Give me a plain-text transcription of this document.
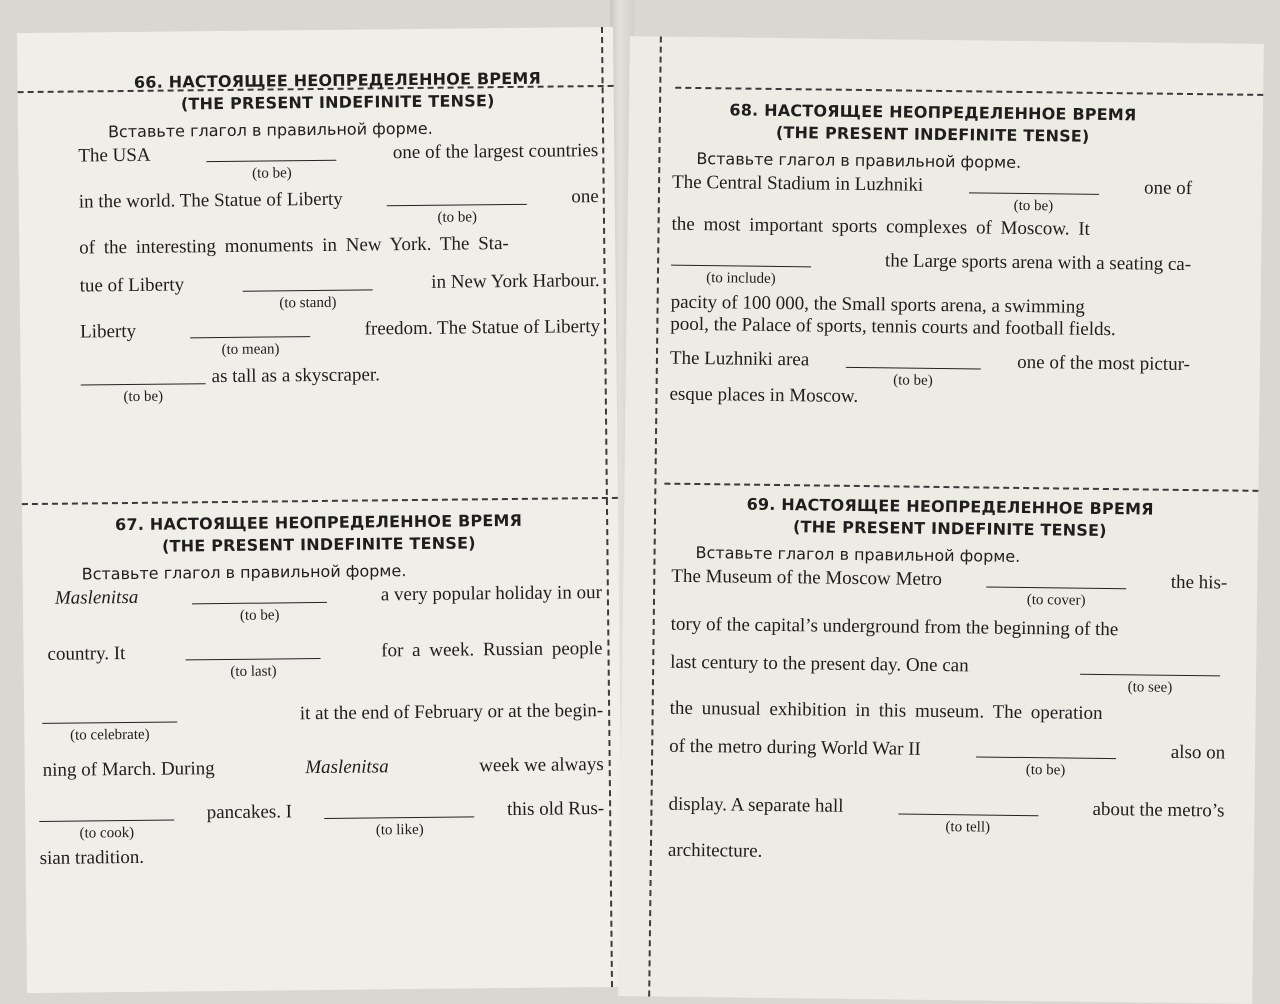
66. НАСТОЯЩЕЕ НЕОПРЕДЕЛЕННОЕ ВРЕМЯ
(THE PRESENT INDEFINITE TENSE)
Вставьте глагол в правильной форме.
The USA
(to be)
one of the largest countries
in the world. The Statue of Liberty
(to be)
one
of the interesting monuments in New York. The Sta-
tue of Liberty
(to stand)
in New York Harbour.
Liberty
(to mean)
freedom. The Statue of Liberty
(to be)
as tall as a skyscraper.
67. НАСТОЯЩЕЕ НЕОПРЕДЕЛЕННОЕ ВРЕМЯ
(THE PRESENT INDEFINITE TENSE)
Вставьте глагол в правильной форме.
Maslenitsa
(to be)
a very popular holiday in our
country. It
(to last)
for a week. Russian people
(to celebrate)
it at the end of February or at the begin-
ning of March. During	Maslenitsa	week we always
(to cook)
pancakes. I
(to like)
this old Rus-
sian tradition.
68. НАСТОЯЩЕЕ НЕОПРЕДЕЛЕННОЕ ВРЕМЯ
(THE PRESENT INDEFINITE TENSE)
Вставьте глагол в правильной форме.
The Central Stadium in Luzhniki
(to be)
one of
the most important sports complexes of Moscow. It
(to include)
the Large sports arena with a seating ca-
pacity of 100 000, the Small sports arena, a swimming
pool, the Palace of sports, tennis courts and football fields.
The Luzhniki area
(to be)
one of the most pictur-
esque places in Moscow.
69. НАСТОЯЩЕЕ НЕОПРЕДЕЛЕННОЕ ВРЕМЯ
(THE PRESENT INDEFINITE TENSE)
Вставьте глагол в правильной форме.
The Museum of the Moscow Metro
(to cover)
the his-
tory of the capital’s underground from the beginning of the
last century to the present day. One can
(to see)
the unusual exhibition in this museum. The operation
of the metro during World War II
(to be)
also on
display. A separate hall
(to tell)
about the metro’s
architecture.
